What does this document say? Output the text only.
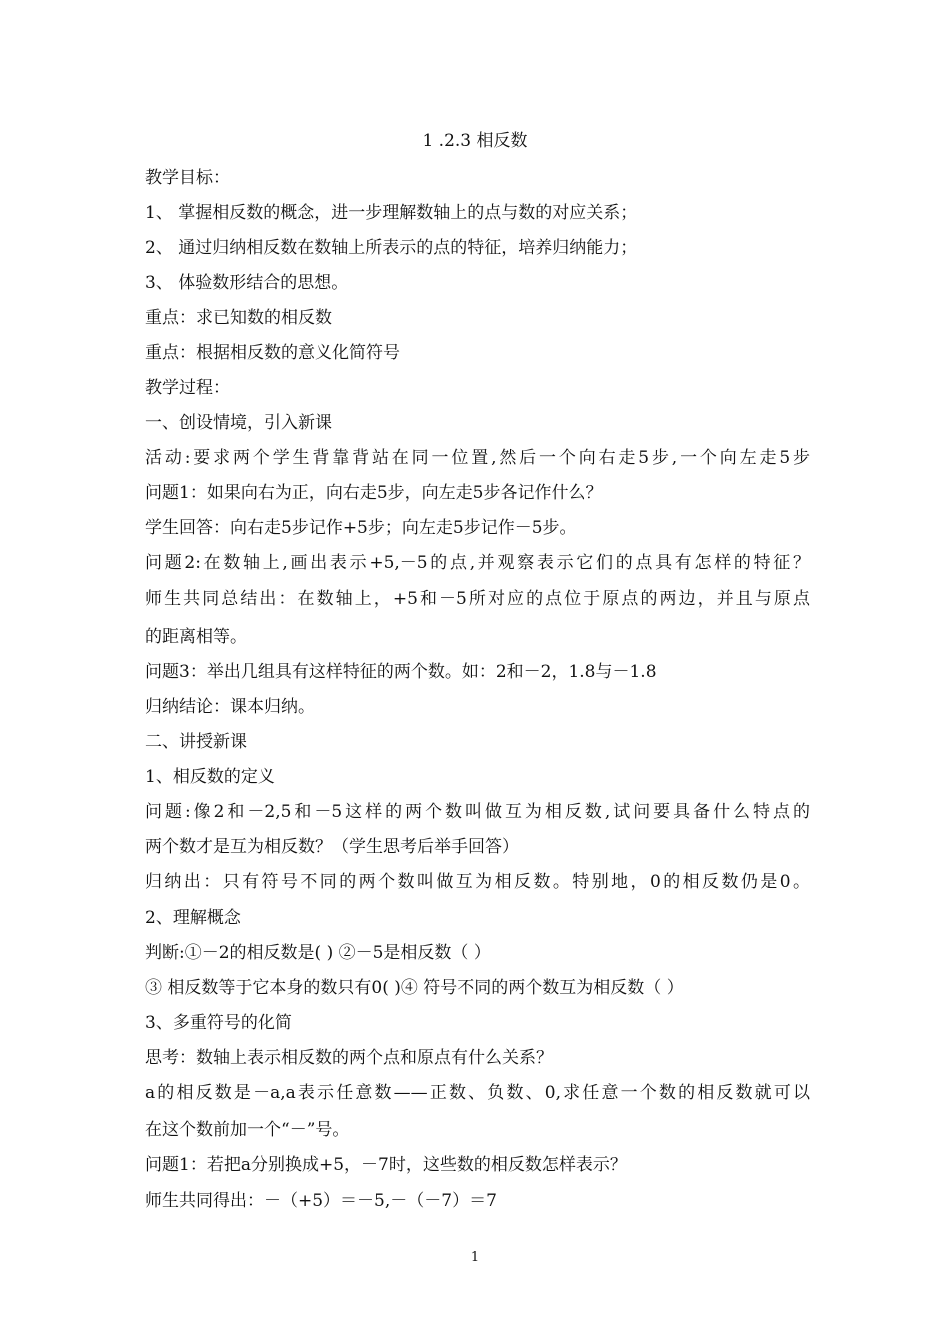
1 .2.3 相反数
教学目标：
1、 掌握相反数的概念，进一步理解数轴上的点与数的对应关系；
2、 通过归纳相反数在数轴上所表示的点的特征，培养归纳能力；
3、 体验数形结合的思想。
重点：求已知数的相反数
重点：根据相反数的意义化简符号
教学过程：
一、创设情境，引入新课
活动:要求两个学生背靠背站在同一位置,然后一个向右走5步,一个向左走5步
问题1：如果向右为正，向右走5步，向左走5步各记作什么？
学生回答：向右走5步记作+5步；向左走5步记作－5步。
问题2:在数轴上,画出表示+5,－5的点,并观察表示它们的点具有怎样的特征？
师生共同总结出：在数轴上，+5和－5所对应的点位于原点的两边，并且与原点
的距离相等。
问题3：举出几组具有这样特征的两个数。如：2和－2，1.8与－1.8
归纳结论：课本归纳。
二、讲授新课
1、相反数的定义
问题:像2和－2,5和－5这样的两个数叫做互为相反数,试问要具备什么特点的
两个数才是互为相反数？（学生思考后举手回答）
归纳出：只有符号不同的两个数叫做互为相反数。特别地，0的相反数仍是0。
2、理解概念
判断:①－2的相反数是( ) ②－5是相反数（ ）
③ 相反数等于它本身的数只有0( )④ 符号不同的两个数互为相反数（ ）
3、多重符号的化简
思考：数轴上表示相反数的两个点和原点有什么关系？
a的相反数是－a,a表示任意数——正数、负数、0,求任意一个数的相反数就可以
在这个数前加一个“－”号。
问题1：若把a分别换成+5，－7时，这些数的相反数怎样表示？
师生共同得出：－（+5）＝－5,－（－7）＝7
1
